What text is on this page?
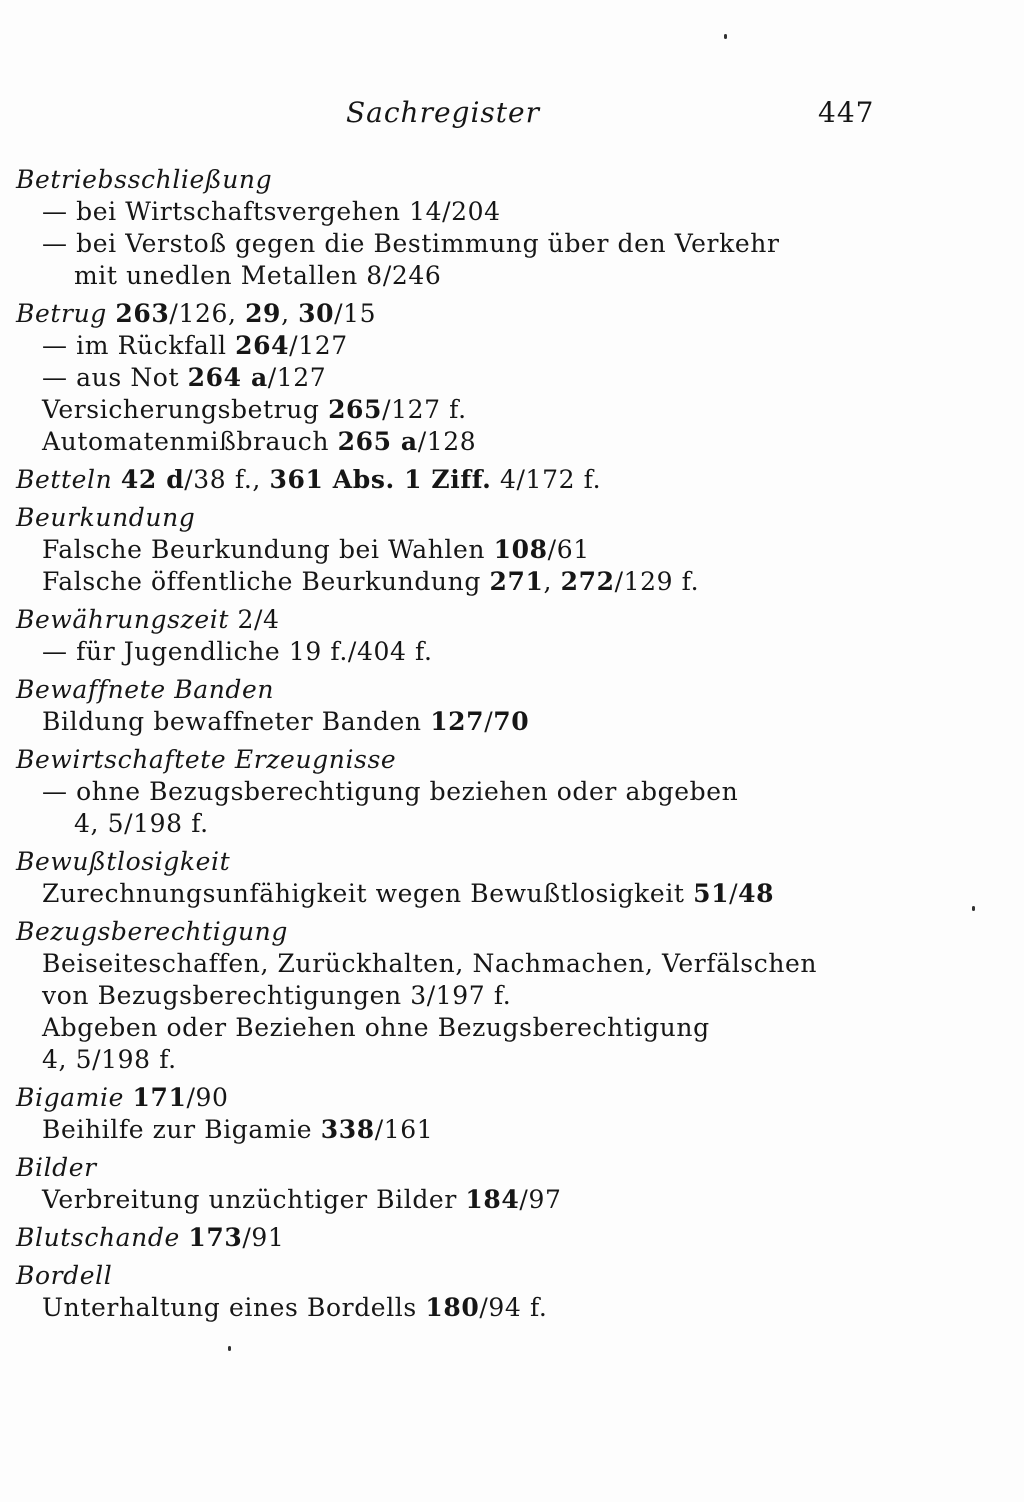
Sachregister	447
Betriebsschließung
— bei Wirtschaftsvergehen 14/204
— bei Verstoß gegen die Bestimmung über den Verkehr
mit unedlen Metallen 8/246
Betrug 263/126, 29, 30/15
— im Rückfall 264/127
— aus Not 264 a/127
Versicherungsbetrug 265/127 f.
Automatenmißbrauch 265 a/128
Betteln 42 d/38 f., 361 Abs. 1 Ziff. 4/172 f.
Beurkundung
Falsche Beurkundung bei Wahlen 108/61
Falsche öffentliche Beurkundung 271, 272/129 f.
Bewährungszeit 2/4
— für Jugendliche 19 f./404 f.
Bewaffnete Banden
Bildung bewaffneter Banden 127/70
Bewirtschaftete Erzeugnisse
— ohne Bezugsberechtigung beziehen oder abgeben
4, 5/198 f.
Bewußtlosigkeit
Zurechnungsunfähigkeit wegen Bewußtlosigkeit 51/48
Bezugsberechtigung
Beiseiteschaffen, Zurückhalten, Nachmachen, Verfälschen
von Bezugsberechtigungen 3/197 f.
Abgeben oder Beziehen ohne Bezugsberechtigung
4, 5/198 f.
Bigamie 171/90
Beihilfe zur Bigamie 338/161
Bilder
Verbreitung unzüchtiger Bilder 184/97
Blutschande 173/91
Bordell
Unterhaltung eines Bordells 180/94 f.
